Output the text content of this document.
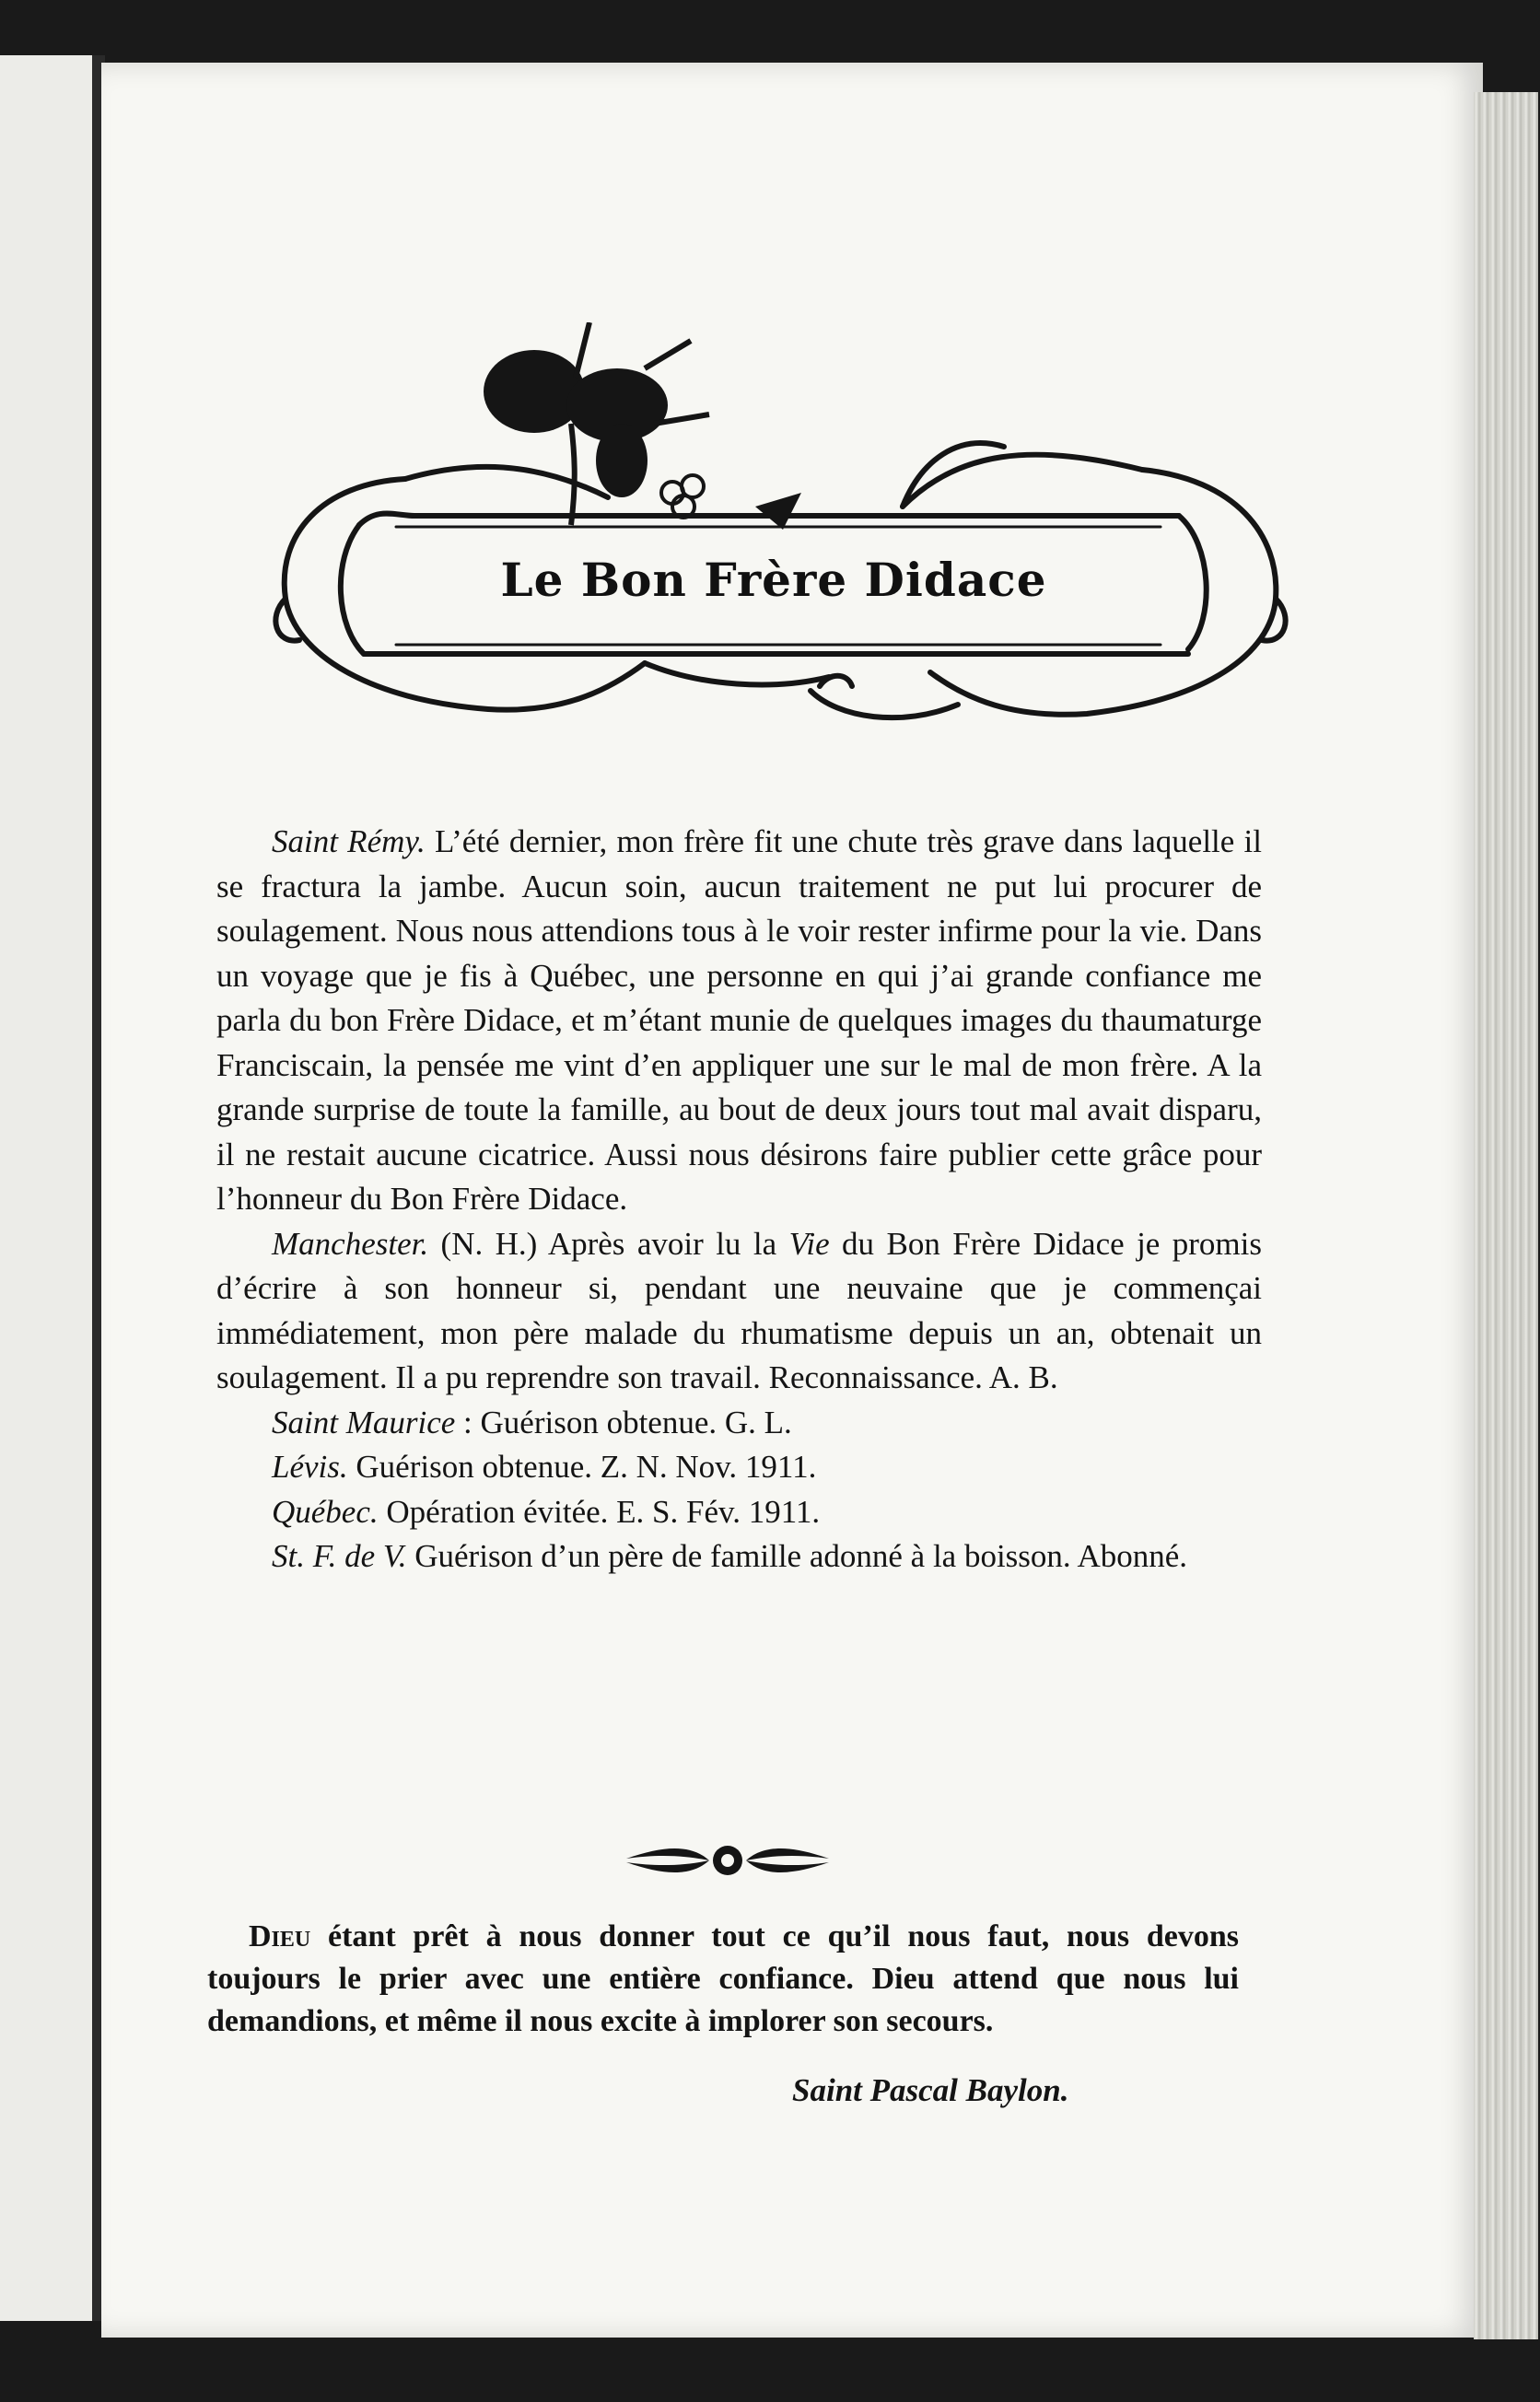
Le Bon Frère Didace

Saint Rémy. L’été dernier, mon frère fit une chute très grave dans laquelle il se fractura la jambe. Aucun soin, aucun traitement ne put lui procurer de soulagement. Nous nous attendions tous à le voir rester infirme pour la vie. Dans un voyage que je fis à Québec, une personne en qui j’ai grande confiance me parla du bon Frère Didace, et m’étant munie de quelques images du thaumaturge Franciscain, la pensée me vint d’en appliquer une sur le mal de mon frère. A la grande surprise de toute la famille, au bout de deux jours tout mal avait disparu, il ne restait aucune cicatrice. Aussi nous désirons faire publier cette grâce pour l’honneur du Bon Frère Didace.

Manchester. (N. H.) Après avoir lu la Vie du Bon Frère Didace je promis d’écrire à son honneur si, pendant une neuvaine que je commençai immédiatement, mon père malade du rhumatisme depuis un an, obtenait un soulagement. Il a pu reprendre son travail. Reconnaissance. A. B.

Saint Maurice : Guérison obtenue. G. L.

Lévis. Guérison obtenue. Z. N. Nov. 1911.

Québec. Opération évitée. E. S. Fév. 1911.

St. F. de V. Guérison d’un père de famille adonné à la boisson. Abonné.

Dieu étant prêt à nous donner tout ce qu’il nous faut, nous devons toujours le prier avec une entière confiance. Dieu attend que nous lui demandions, et même il nous excite à implorer son secours.

Saint Pascal Baylon.
